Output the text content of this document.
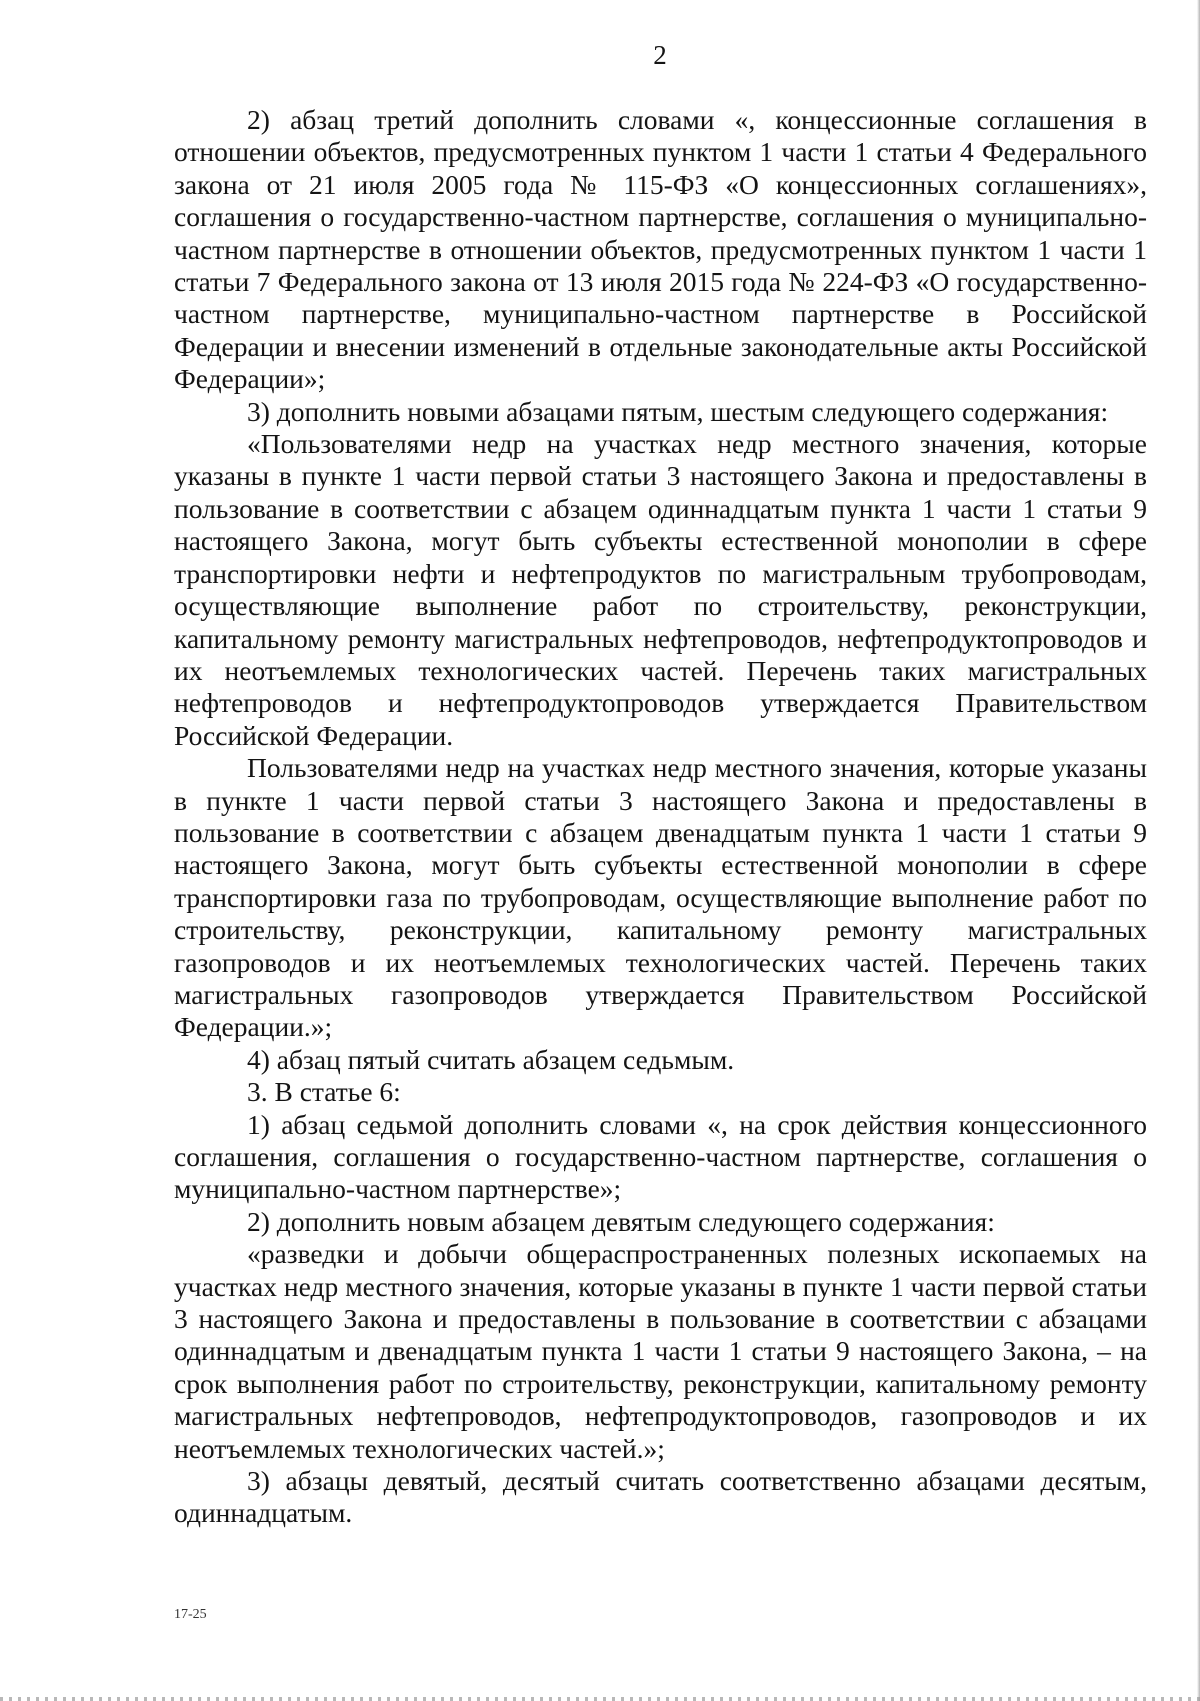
2

2) абзац третий дополнить словами «, концессионные соглашения в отношении объектов, предусмотренных пунктом 1 части 1 статьи 4 Федерального закона от 21 июля 2005 года № 115-ФЗ «О концессионных соглашениях», соглашения о государственно-частном партнерстве, соглашения о муниципально-частном партнерстве в отношении объектов, предусмотренных пунктом 1 части 1 статьи 7 Федерального закона от 13 июля 2015 года № 224-ФЗ «О государственно-частном партнерстве, муниципально-частном партнерстве в Российской Федерации и внесении изменений в отдельные законодательные акты Российской Федерации»;

3) дополнить новыми абзацами пятым, шестым следующего содержания:

«Пользователями недр на участках недр местного значения, которые указаны в пункте 1 части первой статьи 3 настоящего Закона и предоставлены в пользование в соответствии с абзацем одиннадцатым пункта 1 части 1 статьи 9 настоящего Закона, могут быть субъекты естественной монополии в сфере транспортировки нефти и нефтепродуктов по магистральным трубопроводам, осуществляющие выполнение работ по строительству, реконструкции, капитальному ремонту магистральных нефтепроводов, нефтепродуктопроводов и их неотъемлемых технологических частей. Перечень таких магистральных нефтепроводов и нефтепродуктопроводов утверждается Правительством Российской Федерации.

Пользователями недр на участках недр местного значения, которые указаны в пункте 1 части первой статьи 3 настоящего Закона и предоставлены в пользование в соответствии с абзацем двенадцатым пункта 1 части 1 статьи 9 настоящего Закона, могут быть субъекты естественной монополии в сфере транспортировки газа по трубопроводам, осуществляющие выполнение работ по строительству, реконструкции, капитальному ремонту магистральных газопроводов и их неотъемлемых технологических частей. Перечень таких магистральных газопроводов утверждается Правительством Российской Федерации.»;

4) абзац пятый считать абзацем седьмым.

3. В статье 6:

1) абзац седьмой дополнить словами «, на срок действия концессионного соглашения, соглашения о государственно-частном партнерстве, соглашения о муниципально-частном партнерстве»;

2) дополнить новым абзацем девятым следующего содержания:

«разведки и добычи общераспространенных полезных ископаемых на участках недр местного значения, которые указаны в пункте 1 части первой статьи 3 настоящего Закона и предоставлены в пользование в соответствии с абзацами одиннадцатым и двенадцатым пункта 1 части 1 статьи 9 настоящего Закона, – на срок выполнения работ по строительству, реконструкции, капитальному ремонту магистральных нефтепроводов, нефтепродуктопроводов, газопроводов и их неотъемлемых технологических частей.»;

3) абзацы девятый, десятый считать соответственно абзацами десятым, одиннадцатым.

17-25
